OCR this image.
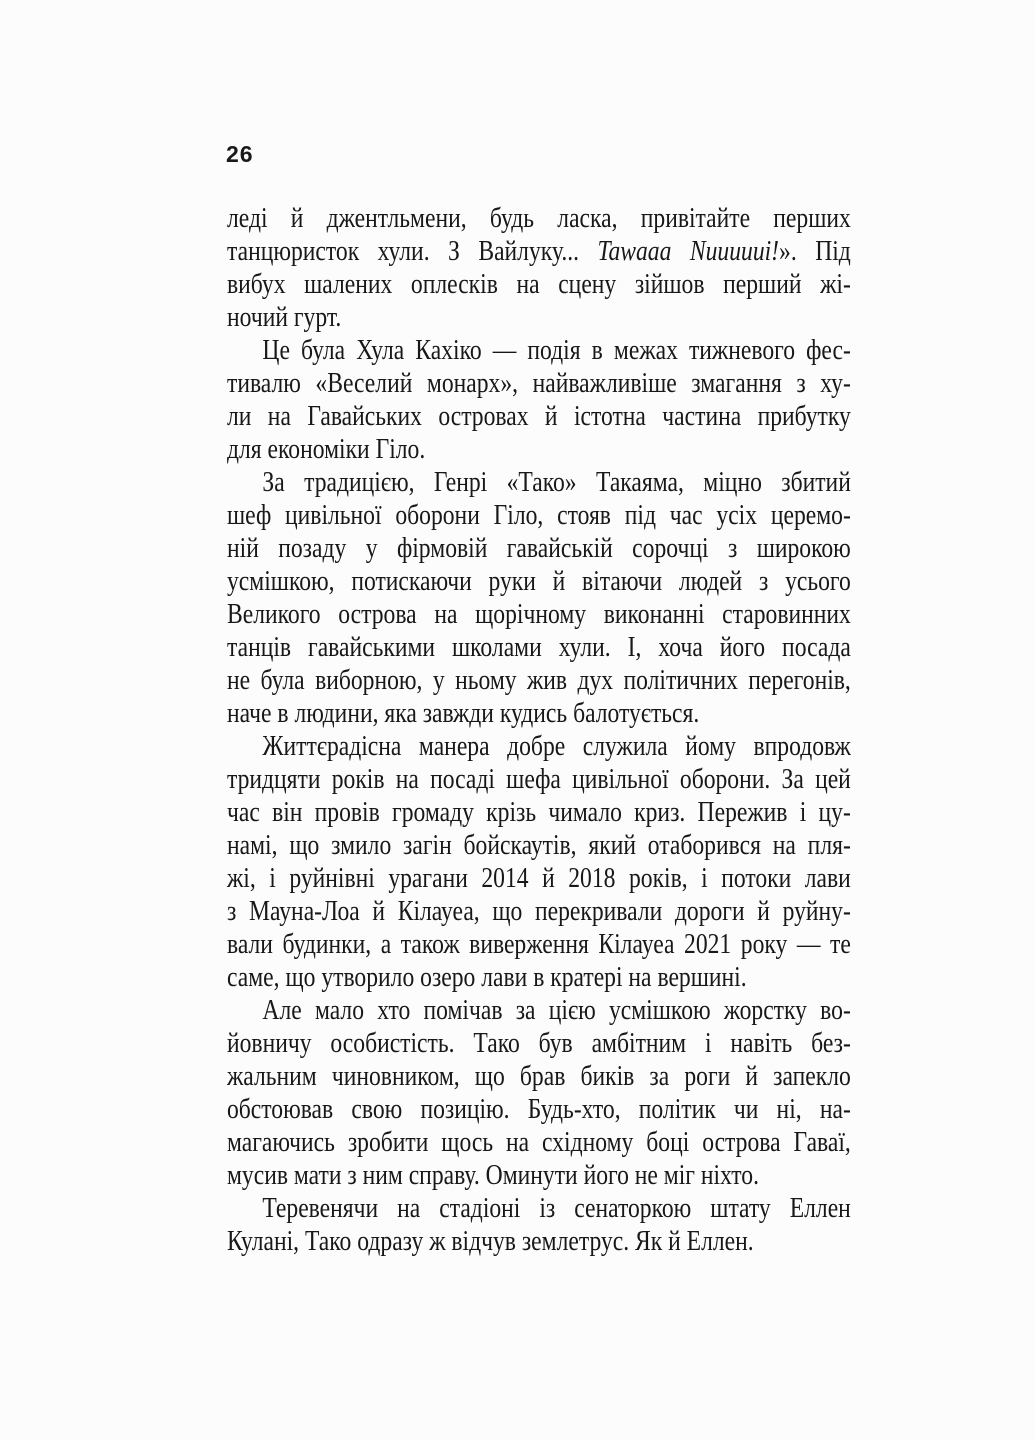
26
леді й джентльмени, будь ласка, привітайте перших
танцюристок хули. З Вайлуку... Tawaaa Nuuuuui!». Під
вибух шалених оплесків на сцену зійшов перший жі-
ночий гурт.
Це була Хула Кахіко — подія в межах тижневого фес-
тивалю «Веселий монарх», найважливіше змагання з ху-
ли на Гавайських островах й істотна частина прибутку
для економіки Гіло.
За традицією, Генрі «Тако» Такаяма, міцно збитий
шеф цивільної оборони Гіло, стояв під час усіх церемо-
ній позаду у фірмовій гавайській сорочці з широкою
усмішкою, потискаючи руки й вітаючи людей з усього
Великого острова на щорічному виконанні старовинних
танців гавайськими школами хули. І, хоча його посада
не була виборною, у ньому жив дух політичних перегонів,
наче в людини, яка завжди кудись балотується.
Життєрадісна манера добре служила йому впродовж
тридцяти років на посаді шефа цивільної оборони. За цей
час він провів громаду крізь чимало криз. Пережив і цу-
намі, що змило загін бойскаутів, який отаборився на пля-
жі, і руйнівні урагани 2014 й 2018 років, і потоки лави
з Мауна-Лоа й Кілауеа, що перекривали дороги й руйну-
вали будинки, а також виверження Кілауеа 2021 року — те
саме, що утворило озеро лави в кратері на вершині.
Але мало хто помічав за цією усмішкою жорстку во-
йовничу особистість. Тако був амбітним і навіть без-
жальним чиновником, що брав биків за роги й запекло
обстоював свою позицію. Будь-хто, політик чи ні, на-
магаючись зробити щось на східному боці острова Гаваї,
мусив мати з ним справу. Оминути його не міг ніхто.
Теревенячи на стадіоні із сенаторкою штату Еллен
Кулані, Тако одразу ж відчув землетрус. Як й Еллен.
